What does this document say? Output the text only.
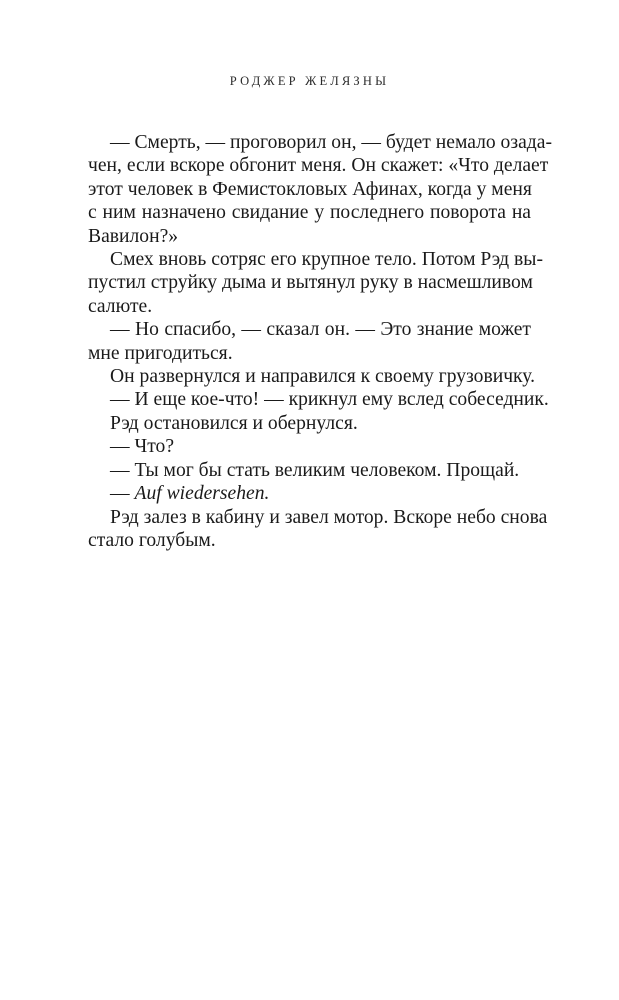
РОДЖЕР ЖЕЛЯЗНЫ
— Смерть, — проговорил он, — будет немало озада-
чен, если вскоре обгонит меня. Он скажет: «Что делает
этот человек в Фемистокловых Афинах, когда у меня
с ним назначено свидание у последнего поворота на
Вавилон?»
Смех вновь сотряс его крупное тело. Потом Рэд вы-
пустил струйку дыма и вытянул руку в насмешливом
салюте.
— Но спасибо, — сказал он. — Это знание может
мне пригодиться.
Он развернулся и направился к своему грузовичку.
— И еще кое-что! — крикнул ему вслед собеседник.
Рэд остановился и обернулся.
— Что?
— Ты мог бы стать великим человеком. Прощай.
— Auf wiedersehen.
Рэд залез в кабину и завел мотор. Вскоре небо снова
стало голубым.
